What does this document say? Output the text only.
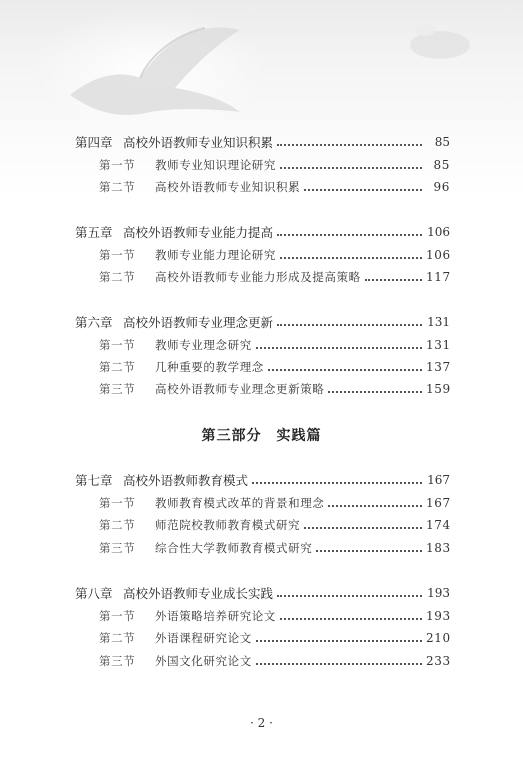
第四章 高校外语教师专业知识积累	85
第一节	教师专业知识理论研究	85
第二节	高校外语教师专业知识积累	96
第五章 高校外语教师专业能力提高	106
第一节	教师专业能力理论研究	106
第二节	高校外语教师专业能力形成及提高策略	117
第六章 高校外语教师专业理念更新	131
第一节	教师专业理念研究	131
第二节	几种重要的教学理念	137
第三节	高校外语教师专业理念更新策略	159
第三部分　实践篇
第七章 高校外语教师教育模式	167
第一节	教师教育模式改革的背景和理念	167
第二节	师范院校教师教育模式研究	174
第三节	综合性大学教师教育模式研究	183
第八章 高校外语教师专业成长实践	193
第一节	外语策略培养研究论文	193
第二节	外语课程研究论文	210
第三节	外国文化研究论文	233
· 2 ·
